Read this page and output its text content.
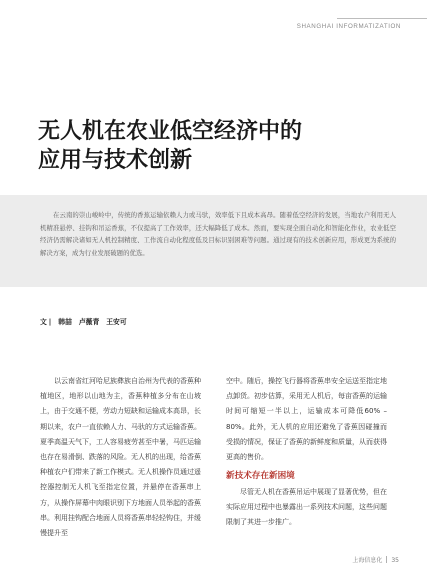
SHANGHAI INFORMATIZATION
无人机在农业低空经济中的
应用与技术创新
在云南的崇山峻岭中，传统的香蕉运输依赖人力或马驮，效率低下且成本高昂。随着低空经济的发展，当地农户利用无人机精准悬停、挂钩和吊运香蕉，不仅提高了工作效率，还大幅降低了成本。然而，要实现全面自动化和智能化作业，农业低空经济仍需解决诸如无人机控制精度、工作流自动化程度低及目标识别困难等问题。通过现有的技术创新应用，形成更为系统的解决方案，成为行业发展破题的优选。
文 | 韩喆 卢薇青 王安可
以云南省红河哈尼族彝族自治州为代表的香蕉种植地区，地形以山地为主，香蕉种植多分布在山坡上，由于交通不便，劳动力短缺和运输成本高昂，长期以来，农户一直依赖人力、马驮的方式运输香蕉。夏季高温天气下，工人容易疲劳甚至中暑，马匹运输也存在易滑倒、跌落的风险。无人机的出现，给香蕉种植农户们带来了新工作模式。无人机操作员通过遥控器控制无人机飞至指定位置，并悬停在香蕉串上方，从操作屏幕中肉眼识别下方地面人员举起的香蕉串。利用挂钩配合地面人员将香蕉串轻轻钩住，并缓慢提升至

空中。随后，操控飞行器将香蕉串安全运送至指定地点卸货。初步估算，采用无人机后，每亩香蕉的运输时间可缩短一半以上，运输成本可降低60% – 80%。此外，无人机的应用还避免了香蕉因碰撞而受损的情况，保证了香蕉的新鲜度和质量，从而获得更高的售价。

新技术存在新困境
尽管无人机在香蕉吊运中展现了显著优势，但在实际应用过程中也暴露出一系列技术问题，这些问题限制了其进一步推广。
上海信息化 35
